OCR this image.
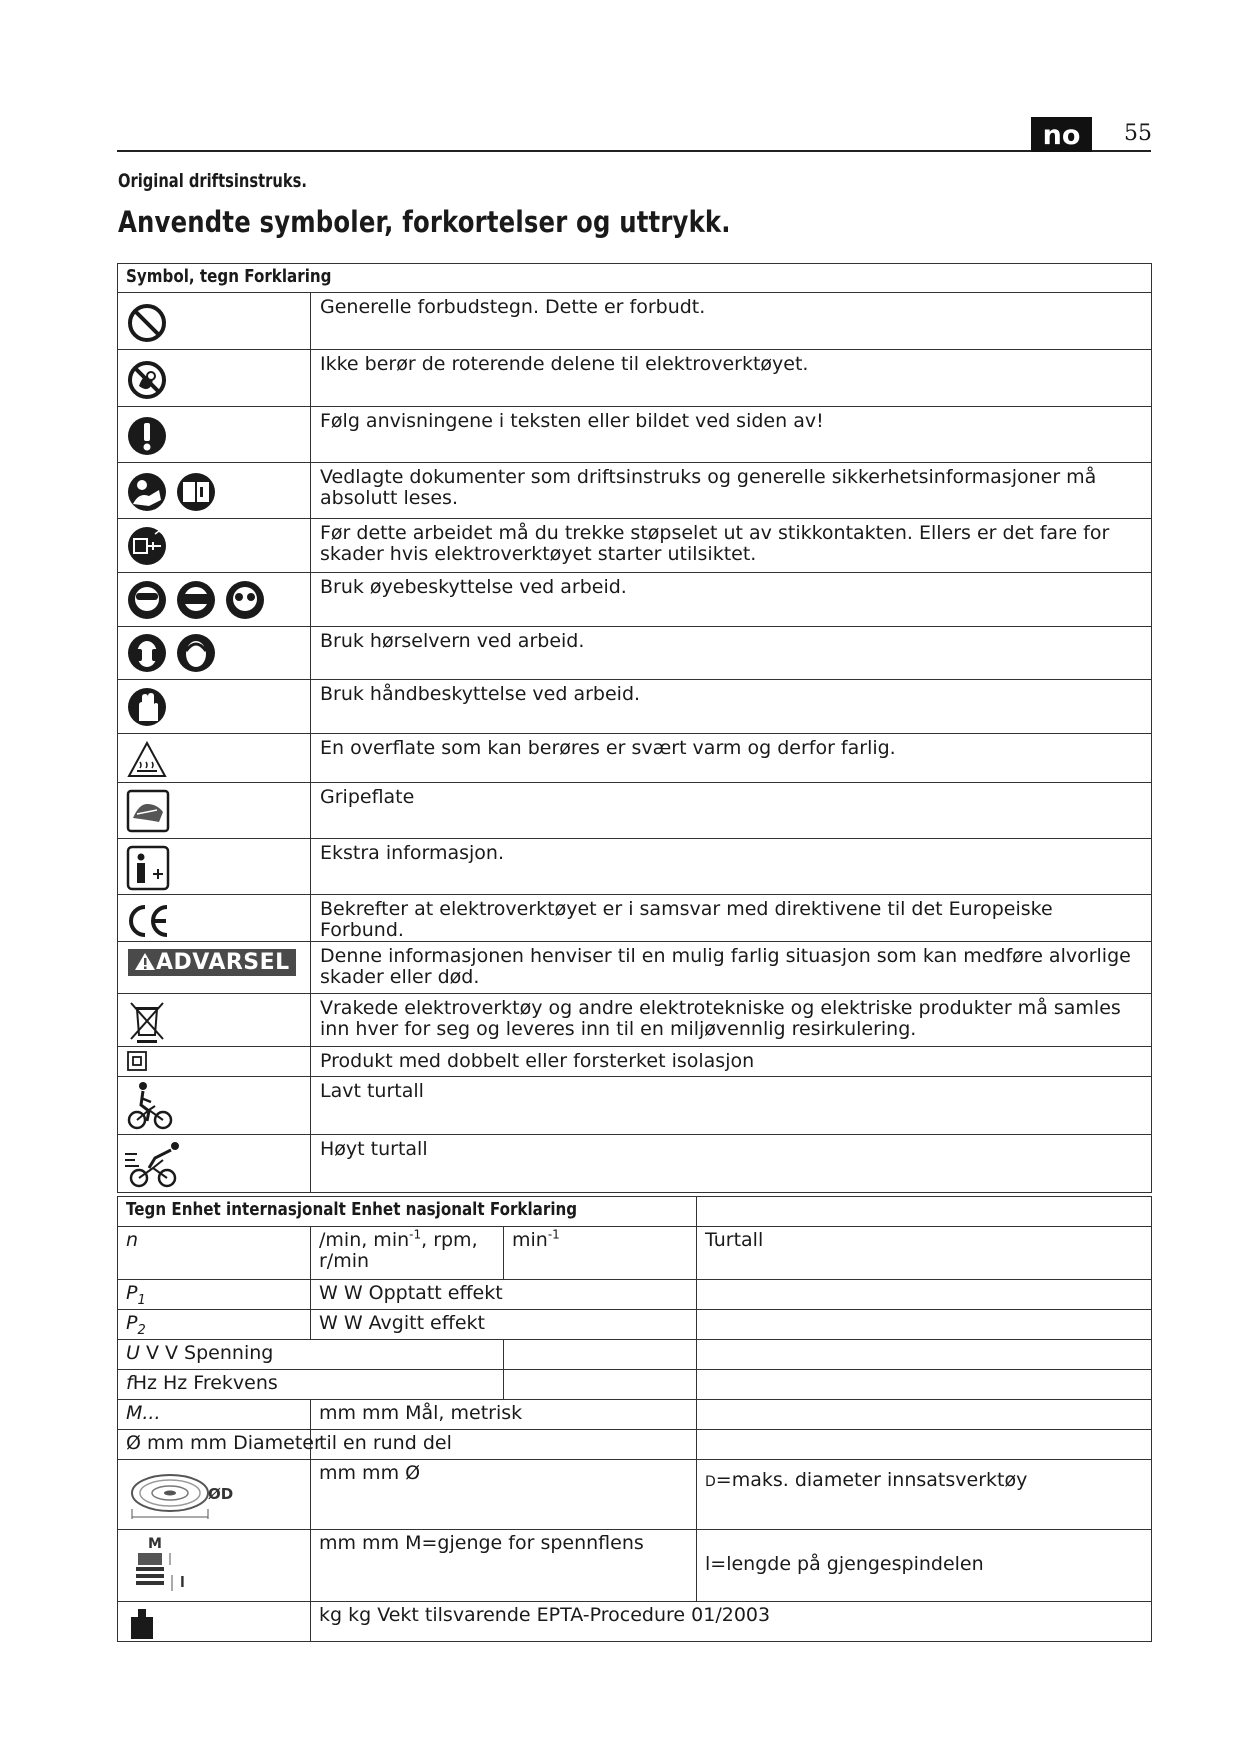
no	55
Original driftsinstruks.
Anvendte symboler, forkortelser og uttrykk.
Symbol, tegn Forklaring	
	Generelle forbudstegn. Dette er forbudt.
	Ikke berør de roterende delene til elektroverktøyet.
	Følg anvisningene i teksten eller bildet ved siden av!
	Vedlagte dokumenter som driftsinstruks og generelle sikkerhetsinformasjoner må absolutt leses.
	Før dette arbeidet må du trekke støpselet ut av stikkontakten. Ellers er det fare for skader hvis elektroverktøyet starter utilsiktet.
	Bruk øyebeskyttelse ved arbeid.
	Bruk hørselvern ved arbeid.
	Bruk håndbeskyttelse ved arbeid.
	En overflate som kan berøres er svært varm og derfor farlig.
	Gripeflate
	Ekstra informasjon.
	Bekrefter at elektroverktøyet er i samsvar med direktivene til det Europeiske Forbund.
ADVARSEL	Denne informasjonen henviser til en mulig farlig situasjon som kan medføre alvorlige skader eller død.
	Vrakede elektroverktøy og andre elektrotekniske og elektriske produkter må samles inn hver for seg og leveres inn til en miljøvennlig resirkulering.
	Produkt med dobbelt eller forsterket isolasjon
	Lavt turtall
	Høyt turtall
Tegn Enhet internasjonalt Enhet nasjonalt Forklaring			
n	/min, $\min^{-1}$, rpm, r/min	$\min^{-1}$	Turtall
$P_1$	W W Opptatt effekt		
$P_2$	W W Avgitt effekt		
U V V Spenning			
fHz Hz Frekvens			
M...	mm mm Mål, metrisk		
Ø mm mm Diameter	til en rund del		

ØD	mm mm Ø		D=maks. diameter innsatsverktøy

M
l	mm mm M=gjenge for spennflens		l=lengde på gjengespindelen
	kg kg Vekt tilsvarende EPTA-Procedure 01/2003		
